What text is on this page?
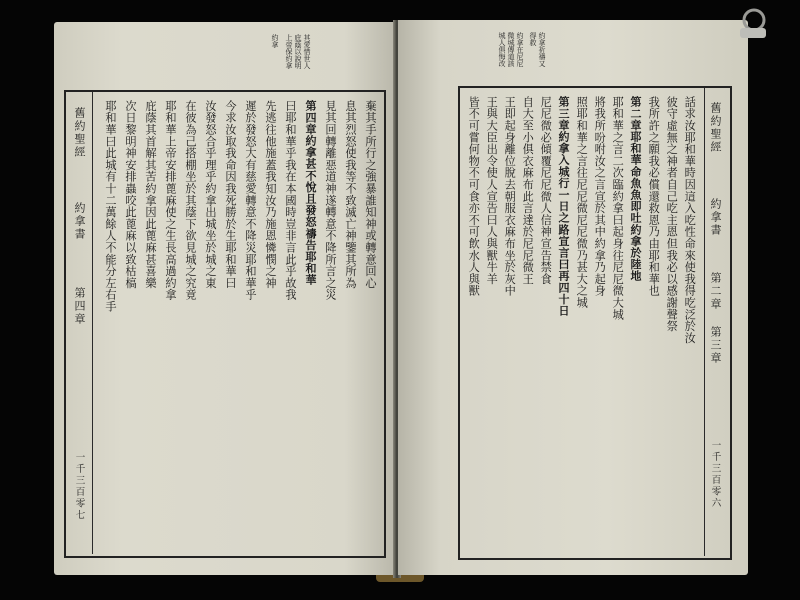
約拿 上帝保約拿 庇蔭以說明 其愛惜世人
舊約聖經
約拿書
第四章
一千三百零七
棄其手所行之強暴誰知神或轉意回心
息其烈怒使我等不致滅亡神鑒其所為
見其回轉離惡道神遂轉意不降所言之災
第四章約拿甚不悅且發怒禱告耶和華
曰耶和華乎我在本國時豈非言此乎故我
先逃往他施蓋我知汝乃施恩憐憫之神
遲於發怒大有慈愛轉意不降災耶和華乎
今求汝取我命因我死勝於生耶和華曰
汝發怒合乎理乎約拿出城坐於城之東
在彼為己搭棚坐於其蔭下欲見城之究竟
耶和華上帝安排蓖麻使之生長高過約拿
庇蔭其首解其苦約拿因此蓖麻甚喜樂
次日黎明神安排蟲咬此蓖麻以致枯槁
耶和華曰此城有十二萬餘人不能分左右手
約拿祈禱又
得救
約拿在尼尼
微城傳道該
城人俱悔改
舊約聖經
約拿書
第二章 第三章
一千三百零六
話求汝耶和華時因這入吃性命來使我得吃泛於汝
彼守虛無之神者自己吃主恩但我必以感謝聲祭
我所許之願我必償還救恩乃由耶和華也
第二章耶和華命魚魚即吐約拿於陸地
耶和華之言二次臨約拿曰起身往尼尼微大城
將我所吩咐汝之言宣於其中約拿乃起身
照耶和華之言往尼尼微尼尼微乃甚大之城
第三章約拿入城行一日之路宣言曰再四十日
尼尼微必傾覆尼尼微人信神宣告禁食
自大至小俱衣麻布此言達於尼尼微王
王即起身離位脫去朝服衣麻布坐於灰中
王與大臣出令使人宣告曰人與獸牛羊
皆不可嘗何物不可食亦不可飲水人與獸
